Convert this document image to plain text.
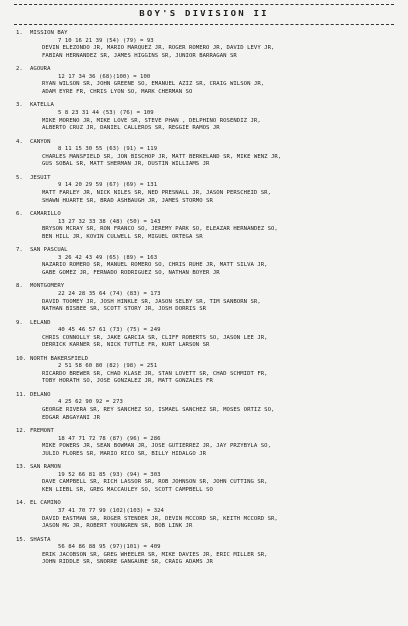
BOY'S DIVISION II
1. MISSION BAY
7 10 16 21 39 (54) (79) = 93
DEVIN ELEZONDO JR, MARIO MARQUEZ JR, ROGER ROMERO JR, DAVID LEVY JR,
FABIAN HERNANDEZ SR, JAMES HIGGINS SR, JUNIOR BARRAGAN SR
2. AGOURA
12 17 34 36 (68)(100) = 100
RYAN WILSON SR, JOHN GREENE SO, EMANUEL AZIZ SR, CRAIG WILSON JR,
ADAM EYRE FR, CHRIS LYON SO, MARK CHERMAN SO
3. KATELLA
5 8 23 31 44 (53) (76) = 109
MIKE MORENO JR, MIKE LOVE SR, STEVE PHAN , DELPHINO ROSENDIZ JR,
ALBERTO CRUZ JR, DANIEL CALLEROS SR, REGGIE RAMOS JR
4. CANYON
8 11 15 30 55 (63) (91) = 119
CHARLES MANSFIELD SR, JON BISCHOP JR, MATT BERKELAND SR, MIKE WENZ JR,
GUS SOBAL SR, MATT SHERMAN JR, DUSTIN WILLIAMS JR
5. JESUIT
9 14 20 29 59 (67) (69) = 131
MATT FARLEY JR, NICK NILES SR, NED PRESNALL JR, JASON PERSCHEID SR,
SHAWN HUARTE SR, BRAD ASHBAUGH JR, JAMES STORMO SR
6. CAMARILLO
13 27 32 33 38 (48) (50) = 143
BRYSON MCRAY SR, RON FRANCO SO, JEREMY PARK SO, ELEAZAR HERNANDEZ SO,
BEN HILL JR, KOVIN CULWELL SR, MIGUEL ORTEGA SR
7. SAN PASCUAL
3 26 42 43 49 (65) (89) = 163
NAZARIO ROMERO SR, MANUEL ROMERO SO, CHRIS RUHE JR, MATT SILVA JR,
GABE GOMEZ JR, FERNADO RODRIGUEZ SO, NATHAN BOYER JR
8. MONTGOMERY
22 24 28 35 64 (74) (83) = 173
DAVID TOOMEY JR, JOSH HINKLE SR, JASON SELBY SR, TIM SANBORN SR,
NATHAN BISBEE SR, SCOTT STORY JR, JOSH DORRIS SR
9. LELAND
40 45 46 57 61 (73) (75) = 249
CHRIS CONNOLLY SR, JAKE GARCIA SR, CLIFF ROBERTS SO, JASON LEE JR,
DERRICK KARNER SR, NICK TUTTLE FR, KURT LARSON SR
10. NORTH BAKERSFIELD
2 51 58 60 80 (82) (98) = 251
RICARDO BREWER SR, CHAD KLASE JR, STAN LOVETT SR, CHAD SCHMIDT FR,
TOBY HORATH SO, JOSE GONZALEZ JR, MATT GONZALES FR
11. DELANO
4 25 62 90 92 = 273
GEORGE RIVERA SR, REY SANCHEZ SO, ISMAEL SANCHEZ SR, MOSES ORTIZ SO,
EDGAR ABGAYANI JR
12. FREMONT
18 47 71 72 78 (87) (96) = 286
MIKE POWERS JR, SEAN BOWMAN JR, JOSE GUTIERREZ JR, JAY PRZYBYLA SO,
JULIO FLORES SR, MARIO RICO SR, BILLY HIDALGO JR
13. SAN RAMON
19 52 66 81 85 (93) (94) = 303
DAVE CAMPBELL SR, RICH LASSOR SR, ROB JOHNSON SR, JOHN CUTTING SR,
KEN LIEBL SR, GREG MACCAULEY SO, SCOTT CAMPBELL SO
14. EL CAMINO
37 41 70 77 99 (102)(103) = 324
DAVID EASTMAN SR, ROGER STENDER JR, DEVIN MCCORD SR, KEITH MCCORD SR,
JASON MG JR, ROBERT YOUNGREN SR, BOB LINK JR
15. SHASTA
56 84 86 88 95 (97)(101) = 409
ERIK JACOBSON SR, GREG WHEELER SR, MIKE DAVIES JR, ERIC MILLER SR,
JOHN RIDDLE SR, SNORRE GANGAUNE SR, CRAIG ADAMS JR
